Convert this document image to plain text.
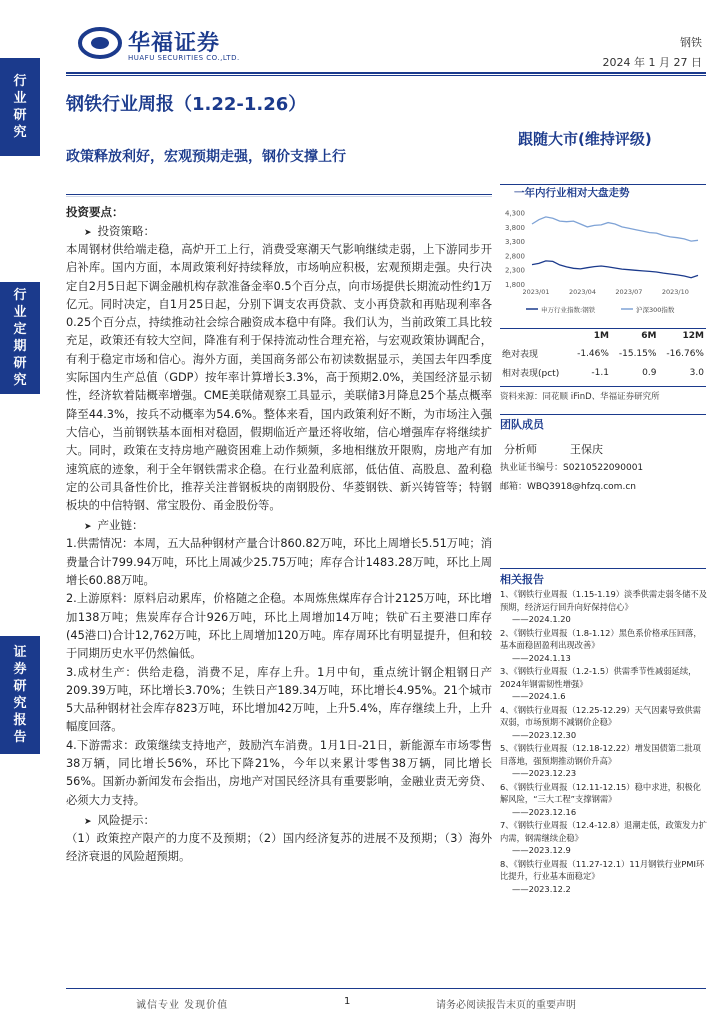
华福证券
HUAFU SECURITIES CO.,LTD.
钢铁
2024 年 1 月 27 日
行业研究
行业定期研究
证券研究报告
钢铁行业周报（1.22-1.26）
政策释放利好，宏观预期走强，钢价支撑上行
跟随大市(维持评级)
投资要点：
➤ 投资策略：
本周钢材供给端走稳，高炉开工上行，消费受寒潮天气影响继续走弱，上下游同步开启补库。国内方面，本周政策利好持续释放，市场响应积极，宏观预期走强。央行决定自2月5日起下调金融机构存款准备金率0.5个百分点，向市场提供长期流动性约1万亿元。同时决定，自1月25日起，分别下调支农再贷款、支小再贷款和再贴现利率各0.25个百分点，持续推动社会综合融资成本稳中有降。我们认为，当前政策工具比较充足，政策还有较大空间，降准有利于保持流动性合理充裕，与宏观政策协调配合，有利于稳定市场和信心。海外方面，美国商务部公布初读数据显示，美国去年四季度实际国内生产总值（GDP）按年率计算增长3.3%，高于预期2.0%，美国经济显示韧性，经济软着陆概率增强。CME美联储观察工具显示，美联储3月降息25个基点概率降至44.3%，按兵不动概率为54.6%。整体来看，国内政策利好不断，为市场注入强大信心，当前钢铁基本面相对稳固，假期临近产量还将收缩，信心增强库存将继续扩大。同时，政策在支持房地产融资困难上动作频频，多地相继放开限购，房地产有加速筑底的迹象，利于全年钢铁需求企稳。在行业盈利底部，低估值、高股息、盈利稳定的公司具备性价比，推荐关注普钢板块的南钢股份、华菱钢铁、新兴铸管等；特钢板块的中信特钢、常宝股份、甬金股份等。
➤ 产业链：
1.供需情况：本周，五大品种钢材产量合计860.82万吨，环比上周增长5.51万吨；消费量合计799.94万吨，环比上周减少25.75万吨；库存合计1483.28万吨，环比上周增长60.88万吨。
2.上游原料：原料启动累库，价格随之企稳。本周炼焦煤库存合计2125万吨，环比增加138万吨；焦炭库存合计926万吨，环比上周增加14万吨；铁矿石主要港口库存(45港口)合计12,762万吨，环比上周增加120万吨。库存周环比有明显提升，但和较于同期历史水平仍然偏低。
3.成材生产：供给走稳，消费不足，库存上升。1月中旬，重点统计钢企粗钢日产209.39万吨，环比增长3.70%；生铁日产189.34万吨，环比增长4.95%。21个城市5大品种钢材社会库存823万吨，环比增加42万吨，上升5.4%，库存继续上升，上升幅度回落。
4.下游需求：政策继续支持地产，鼓励汽车消费。1月1日-21日，新能源车市场零售38万辆，同比增长56%，环比下降21%，今年以来累计零售38万辆，同比增长56%。国新办新闻发布会指出，房地产对国民经济具有重要影响，金融业责无旁贷、必须大力支持。
➤ 风险提示：
（1）政策控产限产的力度不及预期；（2）国内经济复苏的进展不及预期；（3）海外经济衰退的风险超预期。
一年内行业相对大盘走势
1,800
2,300
2,800
3,300
3,800
4,300
2023/01	2023/04	2023/07	2023/10
申万行业指数:钢铁	沪深300指数
	1M	6M	12M
绝对表现	-1.46%	-15.15%	-16.76%
相对表现(pct)	-1.1	0.9	3.0
资料来源：同花顺 iFinD、华福证券研究所
团队成员
分析师	王保庆
执业证书编号：S0210522090001
邮箱：WBQ3918@hfzq.com.cn
相关报告
1、《钢铁行业周报（1.15-1.19）淡季供需走弱冬储不及预期，经济运行回升向好保持信心》
——2024.1.20
2、《钢铁行业周报（1.8-1.12）黑色系价格承压回落，基本面稳固盈利出现改善》
——2024.1.13
3、《钢铁行业周报（1.2-1.5）供需季节性减弱延续，2024年钢需韧性增强》
——2024.1.6
4、《钢铁行业周报（12.25-12.29）天气因素导致供需双弱，市场预期不减钢价企稳》
——2023.12.30
5、《钢铁行业周报（12.18-12.22）增发国债第二批项目落地，强预期推动钢价升高》
——2023.12.23
6、《钢铁行业周报（12.11-12.15）稳中求进，积极化解风险，“三大工程”支撑钢需》
——2023.12.16
7、《钢铁行业周报（12.4-12.8）退潮走低，政策发力扩内需，钢需继续企稳》
——2023.12.9
8、《钢铁行业周报（11.27-12.1）11月钢铁行业PMI环比提升，行业基本面稳定》
——2023.12.2
诚信专业 发现价值	1	请务必阅读报告末页的重要声明
